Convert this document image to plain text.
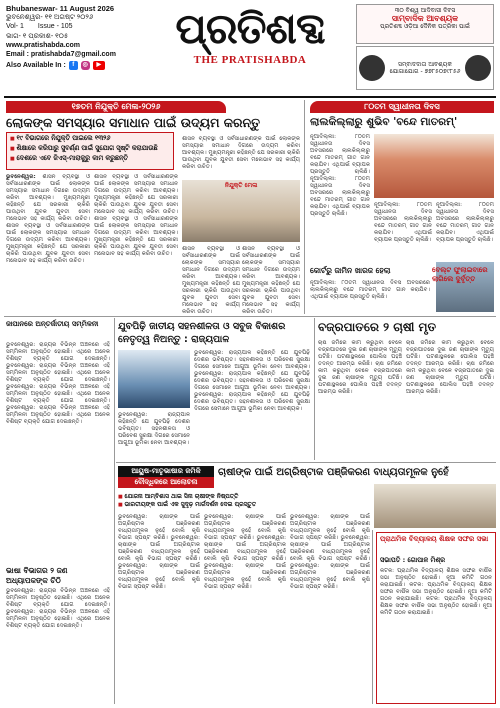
Bhubaneswar- 11 August 2026
ଭୁବନେଶ୍ୱର- ୧୧ ଅଗଷ୍ଟ ୨୦୨୬
Vol- 1 Issue - 105
ଭାଗ- ୧ ପ୍ରକାଶ- ୧୦୫
www.pratishabda.com
Email : pratishabda7@gmail.com
Also Available In :	f	◎	▶
ପ୍ରତିଶବ୍ଦ
THE PRATISHABDA
୩୦ ବିଶ୍ୱ ଆଦିବାସୀ ଦିବସ
ସାମ୍ବାଦିକ ଆବଶ୍ୟକ
ପ୍ରତିଶବ୍ଦ ଓଡ଼ିଆ ଦୈନିକ ପତ୍ରିକା ପାଇଁ
ସମ୍ବାଦଦାତା ଆବଶ୍ୟକ ଯୋଗାଯୋଗ - ୭୭୮୫୦୭୯୮୫୬
୧୭ତମ ନିଯୁକ୍ତି ମେଳା-୨୦୨୬
ଲୋକଙ୍କ ସମସ୍ୟାର ସମାଧାନ ପାଇଁ ଉଦ୍ୟମ କରନ୍ତୁ
■ ୧୯ ବିଭାଗରେ ନିଯୁକ୍ତି ପାଇଲେ ୧୩୨୬
■ ଶିକ୍ଷାରେ କରିପାରୁ ସୁବର୍ଣ୍ଣ ପାଇଁ ସୁଯୋଗ ସୃଷ୍ଟି କରାଯାଉଛି
■ ଦେଶରେ ଏବେ ଜିଏସ୍-ମାରାକୁରୁ କାମ କରୁଛନ୍ତି
ଭୁବନେଶ୍ୱର: ଶାସନ ବ୍ୟବସ୍ଥା ଓ ସର୍ବସାଧାରଣଙ୍କ ପାଇଁ ଲୋକଙ୍କ ସମସ୍ୟାର ସମାଧାନ ଦିଗରେ ଉଦ୍ୟମ କରିବା ଆବଶ୍ୟକ। ମୁଖ୍ୟମନ୍ତ୍ରୀ କହିଛନ୍ତି ଯେ ସରକାରୀ ଚାକିରି ପାଉଥିବା ଯୁବକ ଯୁବତୀ ସେବା ମନୋଭାବ ସହ କାର୍ଯ୍ୟ କରିବା ଉଚିତ। ଶାସନ ବ୍ୟବସ୍ଥା ଓ ସର୍ବସାଧାରଣଙ୍କ ପାଇଁ ଲୋକଙ୍କ ସମସ୍ୟାର ସମାଧାନ ଦିଗରେ ଉଦ୍ୟମ କରିବା ଆବଶ୍ୟକ। ମୁଖ୍ୟମନ୍ତ୍ରୀ କହିଛନ୍ତି ଯେ ସରକାରୀ ଚାକିରି ପାଉଥିବା ଯୁବକ ଯୁବତୀ ସେବା ମନୋଭାବ ସହ କାର୍ଯ୍ୟ କରିବା ଉଚିତ।
ଶାସନ ବ୍ୟବସ୍ଥା ଓ ସର୍ବସାଧାରଣଙ୍କ ପାଇଁ ଲୋକଙ୍କ ସମସ୍ୟାର ସମାଧାନ ଦିଗରେ ଉଦ୍ୟମ କରିବା ଆବଶ୍ୟକ। ମୁଖ୍ୟମନ୍ତ୍ରୀ କହିଛନ୍ତି ଯେ ସରକାରୀ ଚାକିରି ପାଉଥିବା ଯୁବକ ଯୁବତୀ ସେବା ମନୋଭାବ ସହ କାର୍ଯ୍ୟ କରିବା ଉଚିତ। ଶାସନ ବ୍ୟବସ୍ଥା ଓ ସର୍ବସାଧାରଣଙ୍କ ପାଇଁ ଲୋକଙ୍କ ସମସ୍ୟାର ସମାଧାନ ଦିଗରେ ଉଦ୍ୟମ କରିବା ଆବଶ୍ୟକ। ମୁଖ୍ୟମନ୍ତ୍ରୀ କହିଛନ୍ତି ଯେ ସରକାରୀ ଚାକିରି ପାଉଥିବା ଯୁବକ ଯୁବତୀ ସେବା ମନୋଭାବ ସହ କାର୍ଯ୍ୟ କରିବା ଉଚିତ।
ଶାସନ ବ୍ୟବସ୍ଥା ଓ ସର୍ବସାଧାରଣଙ୍କ ପାଇଁ ଲୋକଙ୍କ ସମସ୍ୟାର ସମାଧାନ ଦିଗରେ ଉଦ୍ୟମ କରିବା ଆବଶ୍ୟକ। ମୁଖ୍ୟମନ୍ତ୍ରୀ କହିଛନ୍ତି ଯେ ସରକାରୀ ଚାକିରି ପାଉଥିବା ଯୁବକ ଯୁବତୀ ସେବା ମନୋଭାବ ସହ କାର୍ଯ୍ୟ କରିବା ଉଚିତ।
ନିଯୁକ୍ତି ମେଳା
ଶାସନ ବ୍ୟବସ୍ଥା ଓ ସର୍ବସାଧାରଣଙ୍କ ପାଇଁ ଲୋକଙ୍କ ସମସ୍ୟାର ସମାଧାନ ଦିଗରେ ଉଦ୍ୟମ କରିବା ଆବଶ୍ୟକ। ମୁଖ୍ୟମନ୍ତ୍ରୀ କହିଛନ୍ତି ଯେ ସରକାରୀ ଚାକିରି ପାଉଥିବା ଯୁବକ ଯୁବତୀ ସେବା ମନୋଭାବ ସହ କାର୍ଯ୍ୟ କରିବା ଉଚିତ।
ଶାସନ ବ୍ୟବସ୍ଥା ଓ ସର୍ବସାଧାରଣଙ୍କ ପାଇଁ ଲୋକଙ୍କ ସମସ୍ୟାର ସମାଧାନ ଦିଗରେ ଉଦ୍ୟମ କରିବା ଆବଶ୍ୟକ। ମୁଖ୍ୟମନ୍ତ୍ରୀ କହିଛନ୍ତି ଯେ ସରକାରୀ ଚାକିରି ପାଉଥିବା ଯୁବକ ଯୁବତୀ ସେବା ମନୋଭାବ ସହ କାର୍ଯ୍ୟ କରିବା ଉଚିତ।
୮୦ତମ ସ୍ୱାଧୀନତା ଦିବସ
ଲାଲକିଲ୍ଲାରୁ ଶୁଭିବ 'ବନ୍ଦେ ମାତରମ୍'
ନୂଆଦିଲ୍ଲୀ: ୮୦ତମ ସ୍ୱାଧୀନତା ଦିବସ ଅବସରରେ ଲାଲକିଲ୍ଲାରୁ ବନ୍ଦେ ମାତରମ୍ ଗୀତ ଗାନ କରାଯିବ। ଏଥିପାଇଁ ବ୍ୟାପକ ପ୍ରସ୍ତୁତି ଚାଲିଛି। ନୂଆଦିଲ୍ଲୀ: ୮୦ତମ ସ୍ୱାଧୀନତା ଦିବସ ଅବସରରେ ଲାଲକିଲ୍ଲାରୁ ବନ୍ଦେ ମାତରମ୍ ଗୀତ ଗାନ କରାଯିବ। ଏଥିପାଇଁ ବ୍ୟାପକ ପ୍ରସ୍ତୁତି ଚାଲିଛି।
ନୂଆଦିଲ୍ଲୀ: ୮୦ତମ ସ୍ୱାଧୀନତା ଦିବସ ଅବସରରେ ଲାଲକିଲ୍ଲାରୁ ବନ୍ଦେ ମାତରମ୍ ଗୀତ ଗାନ କରାଯିବ। ଏଥିପାଇଁ ବ୍ୟାପକ ପ୍ରସ୍ତୁତି ଚାଲିଛି।
ନୂଆଦିଲ୍ଲୀ: ୮୦ତମ ସ୍ୱାଧୀନତା ଦିବସ ଅବସରରେ ଲାଲକିଲ୍ଲାରୁ ବନ୍ଦେ ମାତରମ୍ ଗୀତ ଗାନ କରାଯିବ। ଏଥିପାଇଁ ବ୍ୟାପକ ପ୍ରସ୍ତୁତି ଚାଲିଛି।
କୋର୍ଟରୁ ଜାମିନ ଖାରଜ ହେଲା	ବେଲ୍ଟ ଫୁଲାଇବାରେ ଲାଗିଲେ ଦୁର୍ବୃତ୍ତ
ନୂଆଦିଲ୍ଲୀ: ୮୦ତମ ସ୍ୱାଧୀନତା ଦିବସ ଅବସରରେ ଲାଲକିଲ୍ଲାରୁ ବନ୍ଦେ ମାତରମ୍ ଗୀତ ଗାନ କରାଯିବ। ଏଥିପାଇଁ ବ୍ୟାପକ ପ୍ରସ୍ତୁତି ଚାଲିଛି।
ଜାପାନରେ ଅନ୍ତର୍ଜାତୀୟ ସମ୍ମିଳନୀ
ଭୁବନେଶ୍ୱର: ରାଜ୍ୟର ବିଭିନ୍ନ ଅଞ୍ଚଳରେ ଏହି ସମ୍ମିଳନୀ ଅନୁଷ୍ଠିତ ହୋଇଛି। ଏଥିରେ ଅନେକ ବିଶିଷ୍ଟ ବ୍ୟକ୍ତି ଯୋଗ ଦେଇଛନ୍ତି। ଭୁବନେଶ୍ୱର: ରାଜ୍ୟର ବିଭିନ୍ନ ଅଞ୍ଚଳରେ ଏହି ସମ୍ମିଳନୀ ଅନୁଷ୍ଠିତ ହୋଇଛି। ଏଥିରେ ଅନେକ ବିଶିଷ୍ଟ ବ୍ୟକ୍ତି ଯୋଗ ଦେଇଛନ୍ତି। ଭୁବନେଶ୍ୱର: ରାଜ୍ୟର ବିଭିନ୍ନ ଅଞ୍ଚଳରେ ଏହି ସମ୍ମିଳନୀ ଅନୁଷ୍ଠିତ ହୋଇଛି। ଏଥିରେ ଅନେକ ବିଶିଷ୍ଟ ବ୍ୟକ୍ତି ଯୋଗ ଦେଇଛନ୍ତି। ଭୁବନେଶ୍ୱର: ରାଜ୍ୟର ବିଭିନ୍ନ ଅଞ୍ଚଳରେ ଏହି ସମ୍ମିଳନୀ ଅନୁଷ୍ଠିତ ହୋଇଛି। ଏଥିରେ ଅନେକ ବିଶିଷ୍ଟ ବ୍ୟକ୍ତି ଯୋଗ ଦେଇଛନ୍ତି।
ଭାଷା ବିଭାଗର ୨ ଜଣ ଅଧ୍ୟାପକଙ୍କ ଚିଠି
ଭୁବନେଶ୍ୱର: ରାଜ୍ୟର ବିଭିନ୍ନ ଅଞ୍ଚଳରେ ଏହି ସମ୍ମିଳନୀ ଅନୁଷ୍ଠିତ ହୋଇଛି। ଏଥିରେ ଅନେକ ବିଶିଷ୍ଟ ବ୍ୟକ୍ତି ଯୋଗ ଦେଇଛନ୍ତି। ଭୁବନେଶ୍ୱର: ରାଜ୍ୟର ବିଭିନ୍ନ ଅଞ୍ଚଳରେ ଏହି ସମ୍ମିଳନୀ ଅନୁଷ୍ଠିତ ହୋଇଛି। ଏଥିରେ ଅନେକ ବିଶିଷ୍ଟ ବ୍ୟକ୍ତି ଯୋଗ ଦେଇଛନ୍ତି।
ଯୁବପିଢ଼ି ଜାତୀୟ ସହନଶୀଳତା ଓ ସବୁଜ ବିକାଶର ନେତୃତ୍ୱ ନିଅନ୍ତୁ : ରାଜ୍ୟପାଳ
ଭୁବନେଶ୍ୱର: ରାଜ୍ୟପାଳ କହିଛନ୍ତି ଯେ ଯୁବପିଢ଼ି ଦେଶର ଭବିଷ୍ୟତ। ସହନଶୀଳତା ଓ ପରିବେଶ ସୁରକ୍ଷା ଦିଗରେ ସେମାନେ ଆଗୁଆ ଭୂମିକା ନେବା ଆବଶ୍ୟକ। ଭୁବନେଶ୍ୱର: ରାଜ୍ୟପାଳ କହିଛନ୍ତି ଯେ ଯୁବପିଢ଼ି ଦେଶର ଭବିଷ୍ୟତ। ସହନଶୀଳତା ଓ ପରିବେଶ ସୁରକ୍ଷା ଦିଗରେ ସେମାନେ ଆଗୁଆ ଭୂମିକା ନେବା ଆବଶ୍ୟକ। ଭୁବନେଶ୍ୱର: ରାଜ୍ୟପାଳ କହିଛନ୍ତି ଯେ ଯୁବପିଢ଼ି ଦେଶର ଭବିଷ୍ୟତ। ସହନଶୀଳତା ଓ ପରିବେଶ ସୁରକ୍ଷା ଦିଗରେ ସେମାନେ ଆଗୁଆ ଭୂମିକା ନେବା ଆବଶ୍ୟକ।
ଭୁବନେଶ୍ୱର: ରାଜ୍ୟପାଳ କହିଛନ୍ତି ଯେ ଯୁବପିଢ଼ି ଦେଶର ଭବିଷ୍ୟତ। ସହନଶୀଳତା ଓ ପରିବେଶ ସୁରକ୍ଷା ଦିଗରେ ସେମାନେ ଆଗୁଆ ଭୂମିକା ନେବା ଆବଶ୍ୟକ।
ବଜ୍ରପାତରେ ୨ ଚାଷୀ ମୃତ
ଚାଷ ଜମିରେ କାମ କରୁଥିବା ବେଳେ ବଜ୍ରପାତରେ ଦୁଇ ଜଣ ଚାଷୀଙ୍କ ମୃତ୍ୟୁ ଘଟିଛି। ଘଟଣାସ୍ଥଳରେ ପୋଲିସ ପହଞ୍ଚି ତଦନ୍ତ ଆରମ୍ଭ କରିଛି। ଚାଷ ଜମିରେ କାମ କରୁଥିବା ବେଳେ ବଜ୍ରପାତରେ ଦୁଇ ଜଣ ଚାଷୀଙ୍କ ମୃତ୍ୟୁ ଘଟିଛି। ଘଟଣାସ୍ଥଳରେ ପୋଲିସ ପହଞ୍ଚି ତଦନ୍ତ ଆରମ୍ଭ କରିଛି।
ଚାଷ ଜମିରେ କାମ କରୁଥିବା ବେଳେ ବଜ୍ରପାତରେ ଦୁଇ ଜଣ ଚାଷୀଙ୍କ ମୃତ୍ୟୁ ଘଟିଛି। ଘଟଣାସ୍ଥଳରେ ପୋଲିସ ପହଞ୍ଚି ତଦନ୍ତ ଆରମ୍ଭ କରିଛି। ଚାଷ ଜମିରେ କାମ କରୁଥିବା ବେଳେ ବଜ୍ରପାତରେ ଦୁଇ ଜଣ ଚାଷୀଙ୍କ ମୃତ୍ୟୁ ଘଟିଛି। ଘଟଣାସ୍ଥଳରେ ପୋଲିସ ପହଞ୍ଚି ତଦନ୍ତ ଆରମ୍ଭ କରିଛି।
ଆୟୁଷ-ମାତୃଭାଷାର ଜମିକି
ବୌଦ୍ଧିକରେ ଆଲୋଚନା
ଚାଷୀଙ୍କ ପାଇଁ ଅଗ୍ରିଷ୍ଟାକ ପଞ୍ଜିକରଣ ବାଧ୍ୟତାମୂଳକ ନୁହେଁ
■ ଯୋଜନା ଆମ୍ବିଶାସ ଥାଇ ସିନା ଚାଷୀଙ୍କ ନିଷ୍ପତ୍ତି
■ ଭାରତୀୟଙ୍କ ପାଇଁ ଏକ ସୁଦୃଢ଼ ମାର୍ଗଦର୍ଶନ ଦେଇ ପ୍ରସ୍ତୁତ
ଭୁବନେଶ୍ୱର: ଚାଷୀଙ୍କ ପାଇଁ ଅଗ୍ରିଷ୍ଟାକ ପଞ୍ଜିକରଣ ବାଧ୍ୟତାମୂଳକ ନୁହେଁ ବୋଲି କୃଷି ବିଭାଗ ସ୍ପଷ୍ଟ କରିଛି। ଭୁବନେଶ୍ୱର: ଚାଷୀଙ୍କ ପାଇଁ ଅଗ୍ରିଷ୍ଟାକ ପଞ୍ଜିକରଣ ବାଧ୍ୟତାମୂଳକ ନୁହେଁ ବୋଲି କୃଷି ବିଭାଗ ସ୍ପଷ୍ଟ କରିଛି। ଭୁବନେଶ୍ୱର: ଚାଷୀଙ୍କ ପାଇଁ ଅଗ୍ରିଷ୍ଟାକ ପଞ୍ଜିକରଣ ବାଧ୍ୟତାମୂଳକ ନୁହେଁ ବୋଲି କୃଷି ବିଭାଗ ସ୍ପଷ୍ଟ କରିଛି।
ଭୁବନେଶ୍ୱର: ଚାଷୀଙ୍କ ପାଇଁ ଅଗ୍ରିଷ୍ଟାକ ପଞ୍ଜିକରଣ ବାଧ୍ୟତାମୂଳକ ନୁହେଁ ବୋଲି କୃଷି ବିଭାଗ ସ୍ପଷ୍ଟ କରିଛି। ଭୁବନେଶ୍ୱର: ଚାଷୀଙ୍କ ପାଇଁ ଅଗ୍ରିଷ୍ଟାକ ପଞ୍ଜିକରଣ ବାଧ୍ୟତାମୂଳକ ନୁହେଁ ବୋଲି କୃଷି ବିଭାଗ ସ୍ପଷ୍ଟ କରିଛି। ଭୁବନେଶ୍ୱର: ଚାଷୀଙ୍କ ପାଇଁ ଅଗ୍ରିଷ୍ଟାକ ପଞ୍ଜିକରଣ ବାଧ୍ୟତାମୂଳକ ନୁହେଁ ବୋଲି କୃଷି ବିଭାଗ ସ୍ପଷ୍ଟ କରିଛି।
ଭୁବନେଶ୍ୱର: ଚାଷୀଙ୍କ ପାଇଁ ଅଗ୍ରିଷ୍ଟାକ ପଞ୍ଜିକରଣ ବାଧ୍ୟତାମୂଳକ ନୁହେଁ ବୋଲି କୃଷି ବିଭାଗ ସ୍ପଷ୍ଟ କରିଛି। ଭୁବନେଶ୍ୱର: ଚାଷୀଙ୍କ ପାଇଁ ଅଗ୍ରିଷ୍ଟାକ ପଞ୍ଜିକରଣ ବାଧ୍ୟତାମୂଳକ ନୁହେଁ ବୋଲି କୃଷି ବିଭାଗ ସ୍ପଷ୍ଟ କରିଛି। ଭୁବନେଶ୍ୱର: ଚାଷୀଙ୍କ ପାଇଁ ଅଗ୍ରିଷ୍ଟାକ ପଞ୍ଜିକରଣ ବାଧ୍ୟତାମୂଳକ ନୁହେଁ ବୋଲି କୃଷି ବିଭାଗ ସ୍ପଷ୍ଟ କରିଛି।
ପ୍ରାଥମିକ ବିଦ୍ୟାଳୟ ଶିକ୍ଷକ ସଙ୍ଘର ସଭା
ସଭାପତି : ଗୋପାଳ ମିଶ୍ର
କଟକ: ପ୍ରାଥମିକ ବିଦ୍ୟାଳୟ ଶିକ୍ଷକ ସଙ୍ଘର ବାର୍ଷିକ ସଭା ଅନୁଷ୍ଠିତ ହୋଇଛି। ନୂଆ କମିଟି ଗଠନ କରାଯାଇଛି। କଟକ: ପ୍ରାଥମିକ ବିଦ୍ୟାଳୟ ଶିକ୍ଷକ ସଙ୍ଘର ବାର୍ଷିକ ସଭା ଅନୁଷ୍ଠିତ ହୋଇଛି। ନୂଆ କମିଟି ଗଠନ କରାଯାଇଛି। କଟକ: ପ୍ରାଥମିକ ବିଦ୍ୟାଳୟ ଶିକ୍ଷକ ସଙ୍ଘର ବାର୍ଷିକ ସଭା ଅନୁଷ୍ଠିତ ହୋଇଛି। ନୂଆ କମିଟି ଗଠନ କରାଯାଇଛି।
